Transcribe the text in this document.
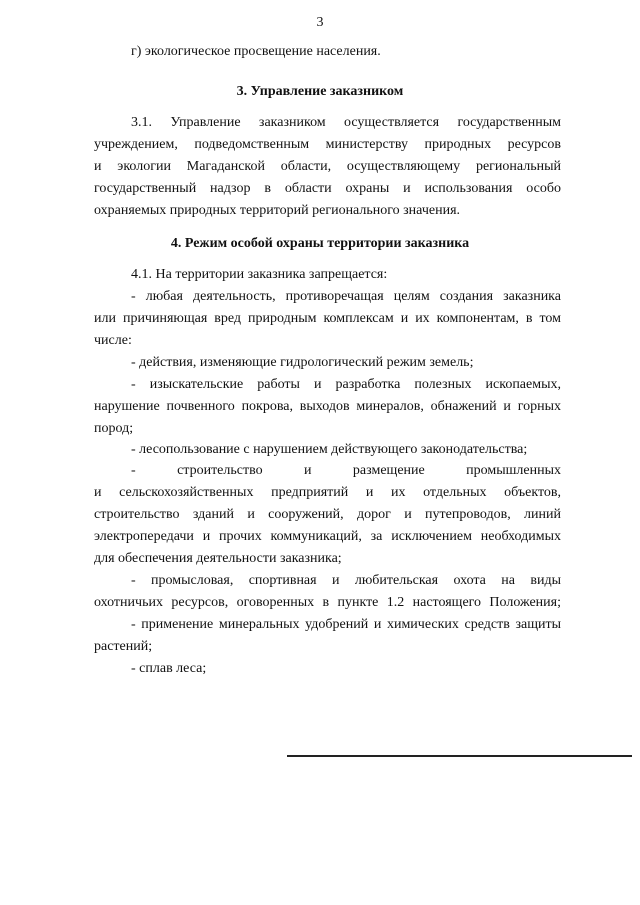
3
г) экологическое просвещение населения.
3. Управление заказником
3.1. Управление заказником осуществляется государственным
учреждением, подведомственным министерству природных ресурсов
и экологии Магаданской области, осуществляющему региональный
государственный надзор в области охраны и использования особо
охраняемых природных территорий регионального значения.
4. Режим особой охраны территории заказника
4.1. На территории заказника запрещается:
- любая деятельность, противоречащая целям создания заказника
или причиняющая вред природным комплексам и их компонентам, в том
числе:
- действия, изменяющие гидрологический режим земель;
- изыскательские работы и разработка полезных ископаемых,
нарушение почвенного покрова, выходов минералов, обнажений и горных
пород;
- лесопользование с нарушением действующего законодательства;
- строительство и размещение промышленных
и сельскохозяйственных предприятий и их отдельных объектов,
строительство зданий и сооружений, дорог и путепроводов, линий
электропередачи и прочих коммуникаций, за исключением необходимых
для обеспечения деятельности заказника;
- промысловая, спортивная и любительская охота на виды
охотничьих ресурсов, оговоренных в пункте 1.2 настоящего Положения;
- применение минеральных удобрений и химических средств защиты
растений;
- сплав леса;
